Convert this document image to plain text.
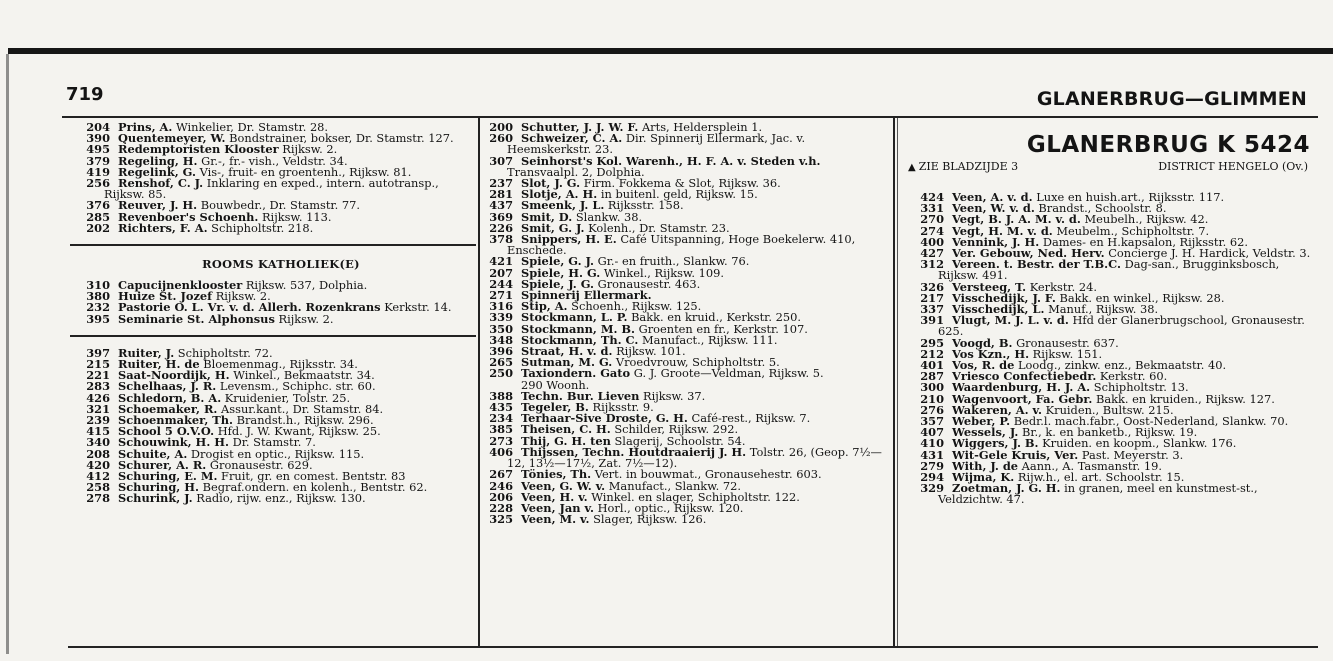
719	GLANERBRUG—GLIMMEN
204 Prins, A. Winkelier, Dr. Stamstr. 28.
390 Quentemeyer, W. Bondstrainer, bokser, Dr. Stamstr. 127.
495 Redemptoristen Klooster Rijksw. 2.
379 Regeling, H. Gr.-, fr.- vish., Veldstr. 34.
419 Regelink, G. Vis-, fruit- en groentenh., Rijksw. 81.
256 Renshof, C. J. Inklaring en exped., intern. autotransp., Rijksw. 85.
376 Reuver, J. H. Bouwbedr., Dr. Stamstr. 77.
285 Revenboer's Schoenh. Rijksw. 113.
202 Richters, F. A. Schipholtstr. 218.
ROOMS KATHOLIEK(E)
310 Capucijnenklooster Rijksw. 537, Dolphia.
380 Huize St. Jozef Rijksw. 2.
232 Pastorie O. L. Vr. v. d. Allerh. Rozenkrans Kerkstr. 14.
395 Seminarie St. Alphonsus Rijksw. 2.
397 Ruiter, J. Schipholtstr. 72.
215 Ruiter, H. de Bloemenmag., Rijksstr. 34.
221 Saat-Noordijk, H. Winkel., Bekmaatstr. 34.
283 Schelhaas, J. R. Levensm., Schiphc. str. 60.
426 Schledorn, B. A. Kruidenier, Tolstr. 25.
321 Schoemaker, R. Assur.kant., Dr. Stamstr. 84.
239 Schoenmaker, Th. Brandst.h., Rijksw. 296.
415 School 5 O.V.O. Hfd. J. W. Kwant, Rijksw. 25.
340 Schouwink, H. H. Dr. Stamstr. 7.
208 Schuite, A. Drogist en optic., Rijksw. 115.
420 Schurer, A. R. Gronausestr. 629.
412 Schuring, E. M. Fruit, gr. en comest. Bentstr. 83
258 Schuring, H. Begraf.ondern. en kolenh., Bentstr. 62.
278 Schurink, J. Radio, rijw. enz., Rijksw. 130.
200 Schutter, J. J. W. F. Arts, Heldersplein 1.
260 Schweizer, C. A. Dir. Spinnerij Ellermark, Jac. v. Heemskerkstr. 23.
307 Seinhorst's Kol. Warenh., H. F. A. v. Steden v.h. Transvaalpl. 2, Dolphia.
237 Slot, J. G. Firm. Fokkema & Slot, Rijksw. 36.
281 Slotje, A. H. in buitenl. geld, Rijksw. 15.
437 Smeenk, J. L. Rijksstr. 158.
369 Smit, D. Slankw. 38.
226 Smit, G. J. Kolenh., Dr. Stamstr. 23.
378 Snippers, H. E. Café Uitspanning, Hoge Boekelerw. 410, Enschede.
421 Spiele, G. J. Gr.- en fruith., Slankw. 76.
207 Spiele, H. G. Winkel., Rijksw. 109.
244 Spiele, J. G. Gronausestr. 463.
271 Spinnerij Ellermark.
316 Stip, A. Schoenh., Rijksw. 125.
339 Stockmann, L. P. Bakk. en kruid., Kerkstr. 250.
350 Stockmann, M. B. Groenten en fr., Kerkstr. 107.
348 Stockmann, Th. C. Manufact., Rijksw. 111.
396 Straat, H. v. d. Rijksw. 101.
265 Sutman, M. G. Vroedvrouw, Schipholtstr. 5.
250 Taxiondern. Gato G. J. Groote—Veldman, Rijksw. 5.
290 Woonh.
388 Techn. Bur. Lieven Rijksw. 37.
435 Tegeler, B. Rijksstr. 9.
234 Terhaar-Sive Droste, G. H. Café-rest., Rijksw. 7.
385 Theisen, C. H. Schilder, Rijksw. 292.
273 Thij, G. H. ten Slagerij, Schoolstr. 54.
406 Thijssen, Techn. Houtdraaierij J. H. Tolstr. 26, (Geop. 7½—12, 13½—17½, Zat. 7½—12).
267 Tönies, Th. Vert. in bouwmat., Gronausehestr. 603.
246 Veen, G. W. v. Manufact., Slankw. 72.
206 Veen, H. v. Winkel. en slager, Schipholtstr. 122.
228 Veen, Jan v. Horl., optic., Rijksw. 120.
325 Veen, M. v. Slager, Rijksw. 126.
GLANERBRUG K 5424
▲ ZIE BLADZIJDE 3	DISTRICT HENGELO (Ov.)
424 Veen, A. v. d. Luxe en huish.art., Rijksstr. 117.
331 Veen, W. v. d. Brandst., Schoolstr. 8.
270 Vegt, B. J. A. M. v. d. Meubelh., Rijksw. 42.
274 Vegt, H. M. v. d. Meubelm., Schipholtstr. 7.
400 Vennink, J. H. Dames- en H.kapsalon, Rijksstr. 62.
427 Ver. Gebouw, Ned. Herv. Concierge J. H. Hardick, Veldstr. 3.
312 Vereen. t. Bestr. der T.B.C. Dag-san., Brugginksbosch, Rijksw. 491.
326 Versteeg, T. Kerkstr. 24.
217 Visschedijk, J. F. Bakk. en winkel., Rijksw. 28.
337 Visschedijk, L. Manuf., Rijksw. 38.
391 Vlugt, M. J. L. v. d. Hfd der Glanerbrugschool, Gronausestr. 625.
295 Voogd, B. Gronausestr. 637.
212 Vos Kzn., H. Rijksw. 151.
401 Vos, R. de Loodg., zinkw. enz., Bekmaatstr. 40.
287 Vriesco Confectiebedr. Kerkstr. 60.
300 Waardenburg, H. J. A. Schipholtstr. 13.
210 Wagenvoort, Fa. Gebr. Bakk. en kruiden., Rijksw. 127.
276 Wakeren, A. v. Kruiden., Bultsw. 215.
357 Weber, P. Bedr.l. mach.fabr., Oost-Nederland, Slankw. 70.
407 Wessels, J. Br., k. en banketb., Rijksw. 19.
410 Wiggers, J. B. Kruiden. en koopm., Slankw. 176.
431 Wit-Gele Kruis, Ver. Past. Meyerstr. 3.
279 With, J. de Aann., A. Tasmanstr. 19.
294 Wijma, K. Rijw.h., el. art. Schoolstr. 15.
329 Zoetman, J. G. H. in granen, meel en kunstmest-st., Veldzichtw. 47.
